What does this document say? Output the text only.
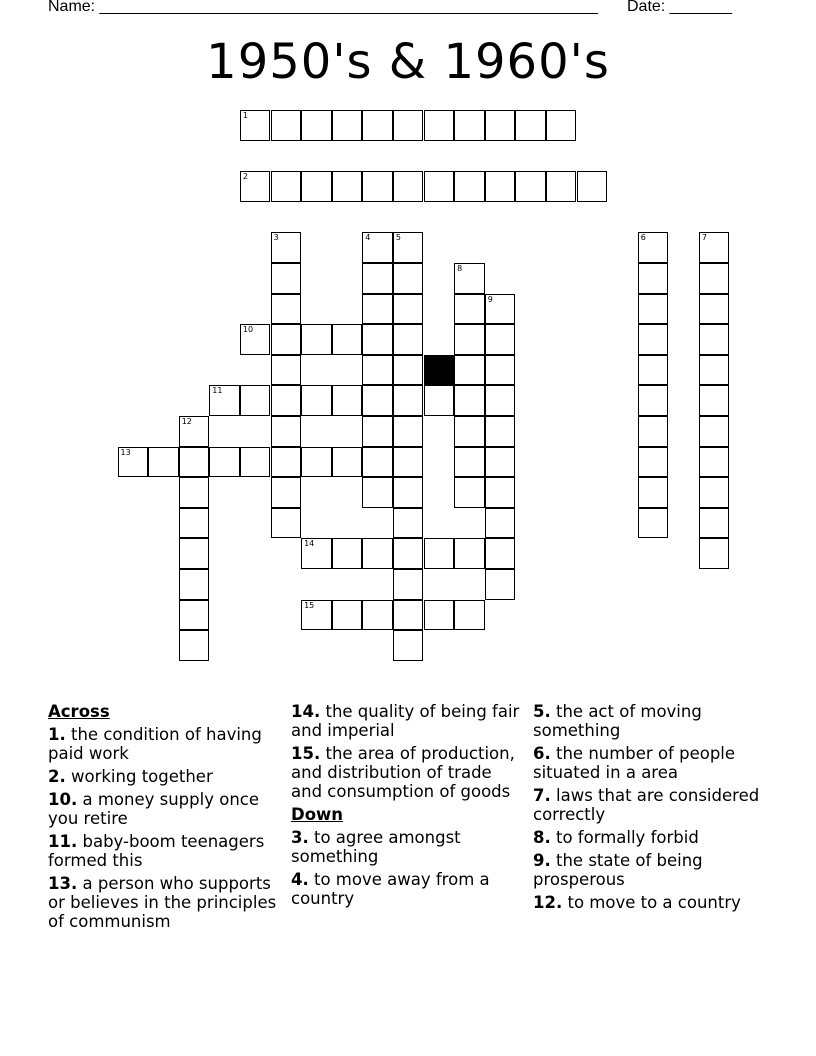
Name: ________________________________________________________ Date: _______
1950's & 1960's
1
2
3	4	5	6	7
8
9
10
11
12
13
14
15
Across
1. the condition of having paid work
2. working together
10. a money supply once you retire
11. baby-boom teenagers formed this
13. a person who supports or believes in the principles of communism
14. the quality of being fair and imperial
15. the area of production, and distribution of trade and consumption of goods
Down
3. to agree amongst something
4. to move away from a country
5. the act of moving something
6. the number of people situated in a area
7. laws that are considered correctly
8. to formally forbid
9. the state of being prosperous
12. to move to a country
